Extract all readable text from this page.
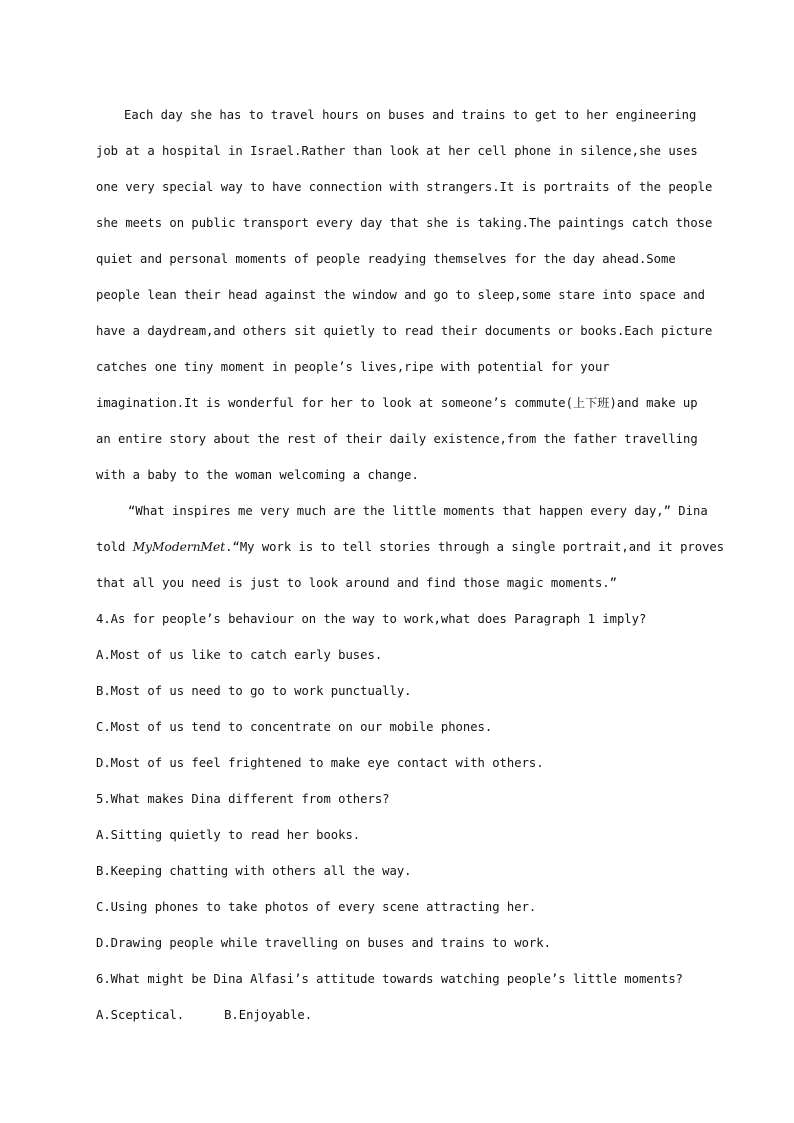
Each day she has to travel hours on buses and trains to get to her engineering
job at a hospital in Israel.Rather than look at her cell phone in silence,she uses
one very special way to have connection with strangers.It is portraits of the people
she meets on public transport every day that she is taking.The paintings catch those
quiet and personal moments of people readying themselves for the day ahead.Some
people lean their head against the window and go to sleep,some stare into space and
have a daydream,and others sit quietly to read their documents or books.Each picture
catches one tiny moment in people’s lives,ripe with potential for your
imagination.It is wonderful for her to look at someone’s commute(上下班)and make up
an entire story about the rest of their daily existence,from the father travelling
with a baby to the woman welcoming a change.
“What inspires me very much are the little moments that happen every day,” Dina
told MyModernMet.“My work is to tell stories through a single portrait,and it proves
that all you need is just to look around and find those magic moments.”
4.As for people’s behaviour on the way to work,what does Paragraph 1 imply?
A.Most of us like to catch early buses.
B.Most of us need to go to work punctually.
C.Most of us tend to concentrate on our mobile phones.
D.Most of us feel frightened to make eye contact with others.
5.What makes Dina different from others?
A.Sitting quietly to read her books.
B.Keeping chatting with others all the way.
C.Using phones to take photos of every scene attracting her.
D.Drawing people while travelling on buses and trains to work.
6.What might be Dina Alfasi’s attitude towards watching people’s little moments?
A.Sceptical.	B.Enjoyable.
